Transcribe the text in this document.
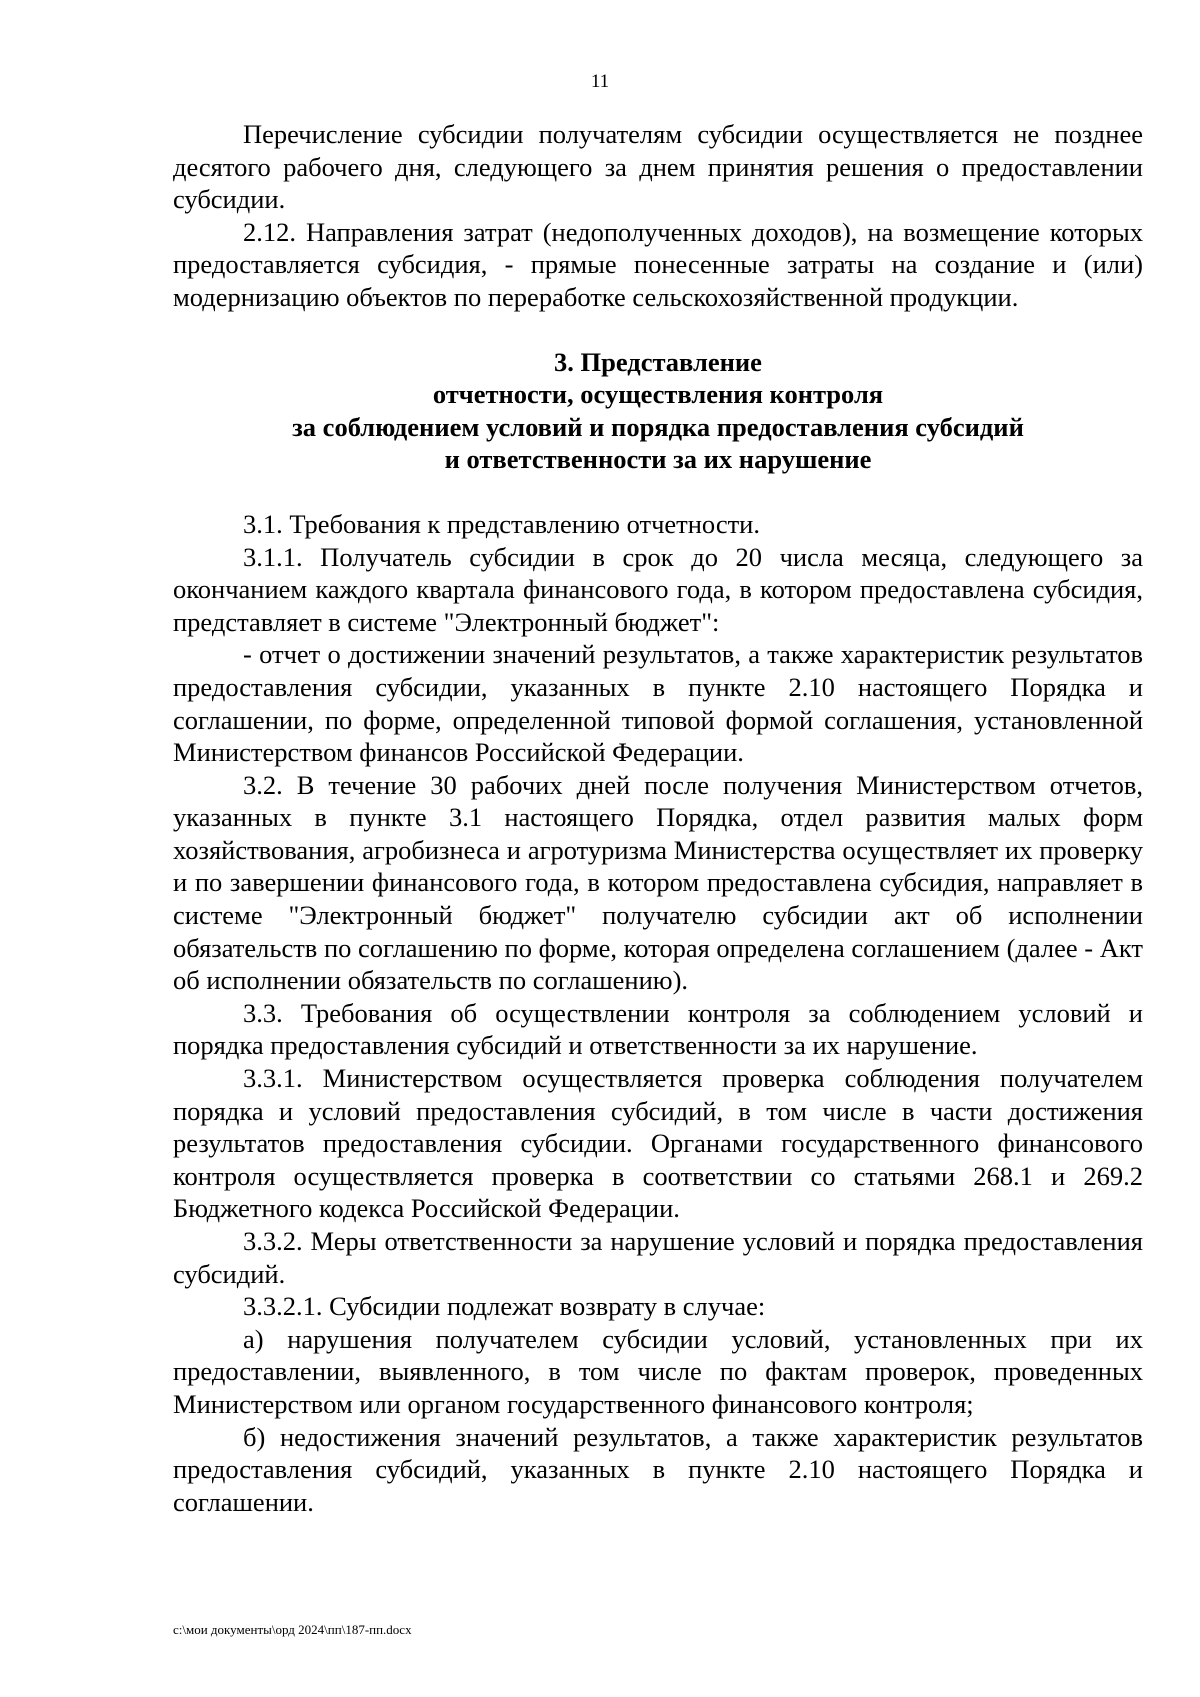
11

Перечисление субсидии получателям субсидии осуществляется не позднее десятого рабочего дня, следующего за днем принятия решения о предоставлении субсидии.

2.12. Направления затрат (недополученных доходов), на возмещение которых предоставляется субсидия, - прямые понесенные затраты на создание и (или) модернизацию объектов по переработке сельскохозяйственной продукции.

3. Представление
отчетности, осуществления контроля
за соблюдением условий и порядка предоставления субсидий
и ответственности за их нарушение

3.1. Требования к представлению отчетности.

3.1.1. Получатель субсидии в срок до 20 числа месяца, следующего за окончанием каждого квартала финансового года, в котором предоставлена субсидия, представляет в системе "Электронный бюджет":

- отчет о достижении значений результатов, а также характеристик результатов предоставления субсидии, указанных в пункте 2.10 настоящего Порядка и соглашении, по форме, определенной типовой формой соглашения, установленной Министерством финансов Российской Федерации.

3.2. В течение 30 рабочих дней после получения Министерством отчетов, указанных в пункте 3.1 настоящего Порядка, отдел развития малых форм хозяйствования, агробизнеса и агротуризма Министерства осуществляет их проверку и по завершении финансового года, в котором предоставлена субсидия, направляет в системе "Электронный бюджет" получателю субсидии акт об исполнении обязательств по соглашению по форме, которая определена соглашением (далее - Акт об исполнении обязательств по соглашению).

3.3. Требования об осуществлении контроля за соблюдением условий и порядка предоставления субсидий и ответственности за их нарушение.

3.3.1. Министерством осуществляется проверка соблюдения получателем порядка и условий предоставления субсидий, в том числе в части достижения результатов предоставления субсидии. Органами государственного финансового контроля осуществляется проверка в соответствии со статьями 268.1 и 269.2 Бюджетного кодекса Российской Федерации.

3.3.2. Меры ответственности за нарушение условий и порядка предоставления субсидий.

3.3.2.1. Субсидии подлежат возврату в случае:

а) нарушения получателем субсидии условий, установленных при их предоставлении, выявленного, в том числе по фактам проверок, проведенных Министерством или органом государственного финансового контроля;

б) недостижения значений результатов, а также характеристик результатов предоставления субсидий, указанных в пункте 2.10 настоящего Порядка и соглашении.

c:\мои документы\орд 2024\пп\187-пп.docx
